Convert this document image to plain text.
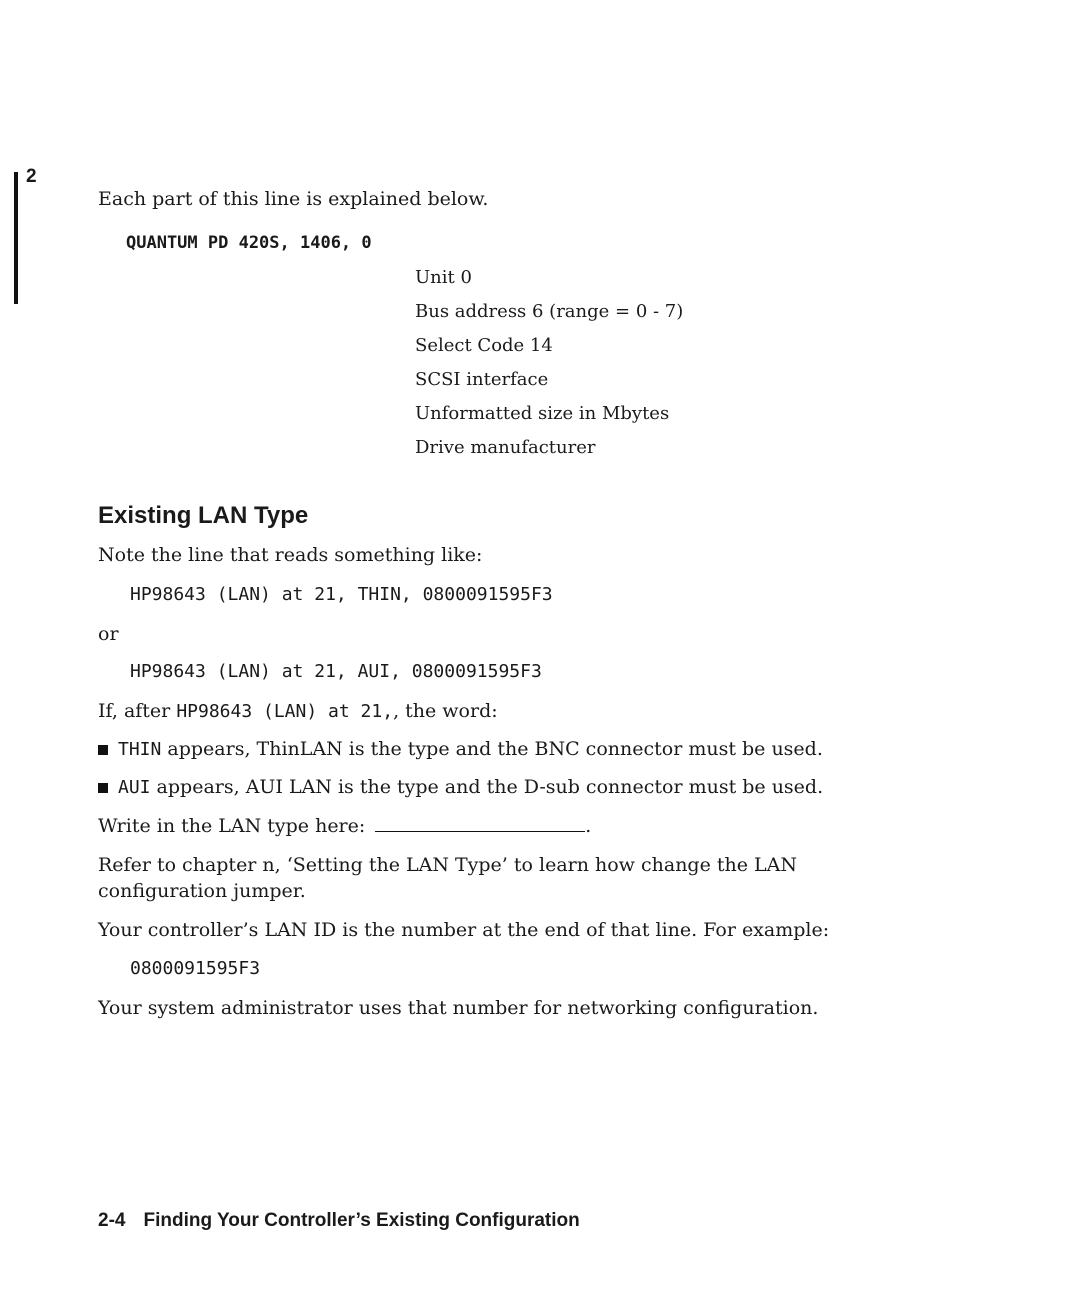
2
Each part of this line is explained below.
QUANTUM PD 420S, 1406, 0
Unit 0
Bus address 6 (range = 0 - 7)
Select Code 14
SCSI interface
Unformatted size in Mbytes
Drive manufacturer
Existing LAN Type
Note the line that reads something like:
HP98643 (LAN) at 21, THIN, 0800091595F3
or
HP98643 (LAN) at 21, AUI, 0800091595F3
If, after HP98643 (LAN) at 21,, the word:
THIN appears, ThinLAN is the type and the BNC connector must be used.
AUI appears, AUI LAN is the type and the D-sub connector must be used.
Write in the LAN type here:	.
Refer to chapter n, ‘Setting the LAN Type’ to learn how change the LAN
configuration jumper.
Your controller’s LAN ID is the number at the end of that line. For example:
0800091595F3
Your system administrator uses that number for networking configuration.
2-4 Finding Your Controller’s Existing Configuration
